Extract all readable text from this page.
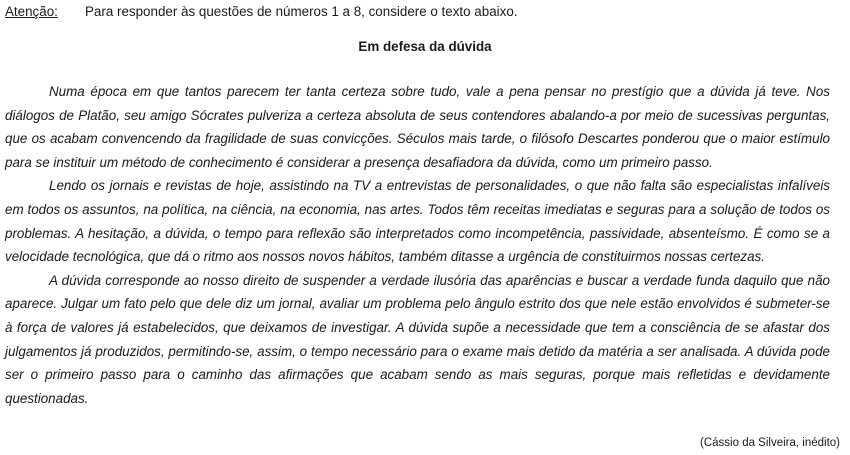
Atenção: Para responder às questões de números 1 a 8, considere o texto abaixo.
Em defesa da dúvida

Numa época em que tantos parecem ter tanta certeza sobre tudo, vale a pena pensar no prestígio que a dúvida já teve. Nos diálogos de Platão, seu amigo Sócrates pulveriza a certeza absoluta de seus contendores abalando-a por meio de sucessivas perguntas, que os acabam convencendo da fragilidade de suas convicções. Séculos mais tarde, o filósofo Descartes ponderou que o maior estímulo para se instituir um método de conhecimento é considerar a presença desafiadora da dúvida, como um primeiro passo.

Lendo os jornais e revistas de hoje, assistindo na TV a entrevistas de personalidades, o que não falta são especialistas infalíveis em todos os assuntos, na política, na ciência, na economia, nas artes. Todos têm receitas imediatas e seguras para a solução de todos os problemas. A hesitação, a dúvida, o tempo para reflexão são interpretados como incompetência, passividade, absenteísmo. É como se a velocidade tecnológica, que dá o ritmo aos nossos novos hábitos, também ditasse a urgência de constituirmos nossas certezas.

A dúvida corresponde ao nosso direito de suspender a verdade ilusória das aparências e buscar a verdade funda daquilo que não aparece. Julgar um fato pelo que dele diz um jornal, avaliar um problema pelo ângulo estrito dos que nele estão envolvidos é submeter-se à força de valores já estabelecidos, que deixamos de investigar. A dúvida supõe a necessidade que tem a consciência de se afastar dos julgamentos já produzidos, permitindo-se, assim, o tempo necessário para o exame mais detido da matéria a ser analisada. A dúvida pode ser o primeiro passo para o caminho das afirmações que acabam sendo as mais seguras, porque mais refletidas e devidamente questionadas.

(Cássio da Silveira, inédito)
